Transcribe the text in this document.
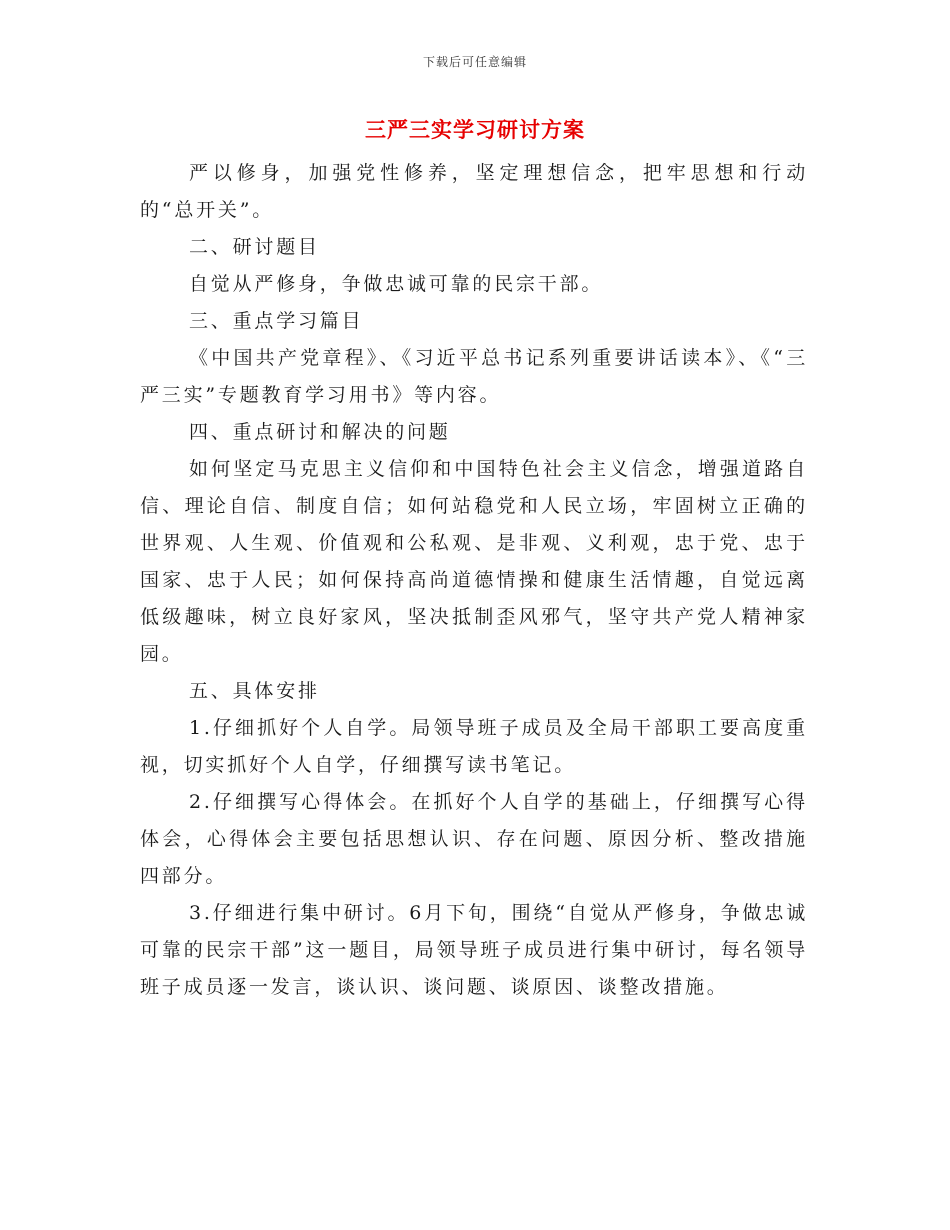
下载后可任意编辑
三严三实学习研讨方案

严以修身，加强党性修养，坚定理想信念，把牢思想和行动的“总开关”。

二、研讨题目

自觉从严修身，争做忠诚可靠的民宗干部。

三、重点学习篇目

《中国共产党章程》、《习近平总书记系列重要讲话读本》、《“三严三实”专题教育学习用书》等内容。

四、重点研讨和解决的问题

如何坚定马克思主义信仰和中国特色社会主义信念，增强道路自信、理论自信、制度自信；如何站稳党和人民立场，牢固树立正确的世界观、人生观、价值观和公私观、是非观、义利观，忠于党、忠于国家、忠于人民；如何保持高尚道德情操和健康生活情趣，自觉远离低级趣味，树立良好家风，坚决抵制歪风邪气，坚守共产党人精神家园。

五、具体安排

1.仔细抓好个人自学。局领导班子成员及全局干部职工要高度重视，切实抓好个人自学，仔细撰写读书笔记。

2.仔细撰写心得体会。在抓好个人自学的基础上，仔细撰写心得体会，心得体会主要包括思想认识、存在问题、原因分析、整改措施四部分。

3.仔细进行集中研讨。6月下旬，围绕“自觉从严修身，争做忠诚可靠的民宗干部”这一题目，局领导班子成员进行集中研讨，每名领导班子成员逐一发言，谈认识、谈问题、谈原因、谈整改措施。
